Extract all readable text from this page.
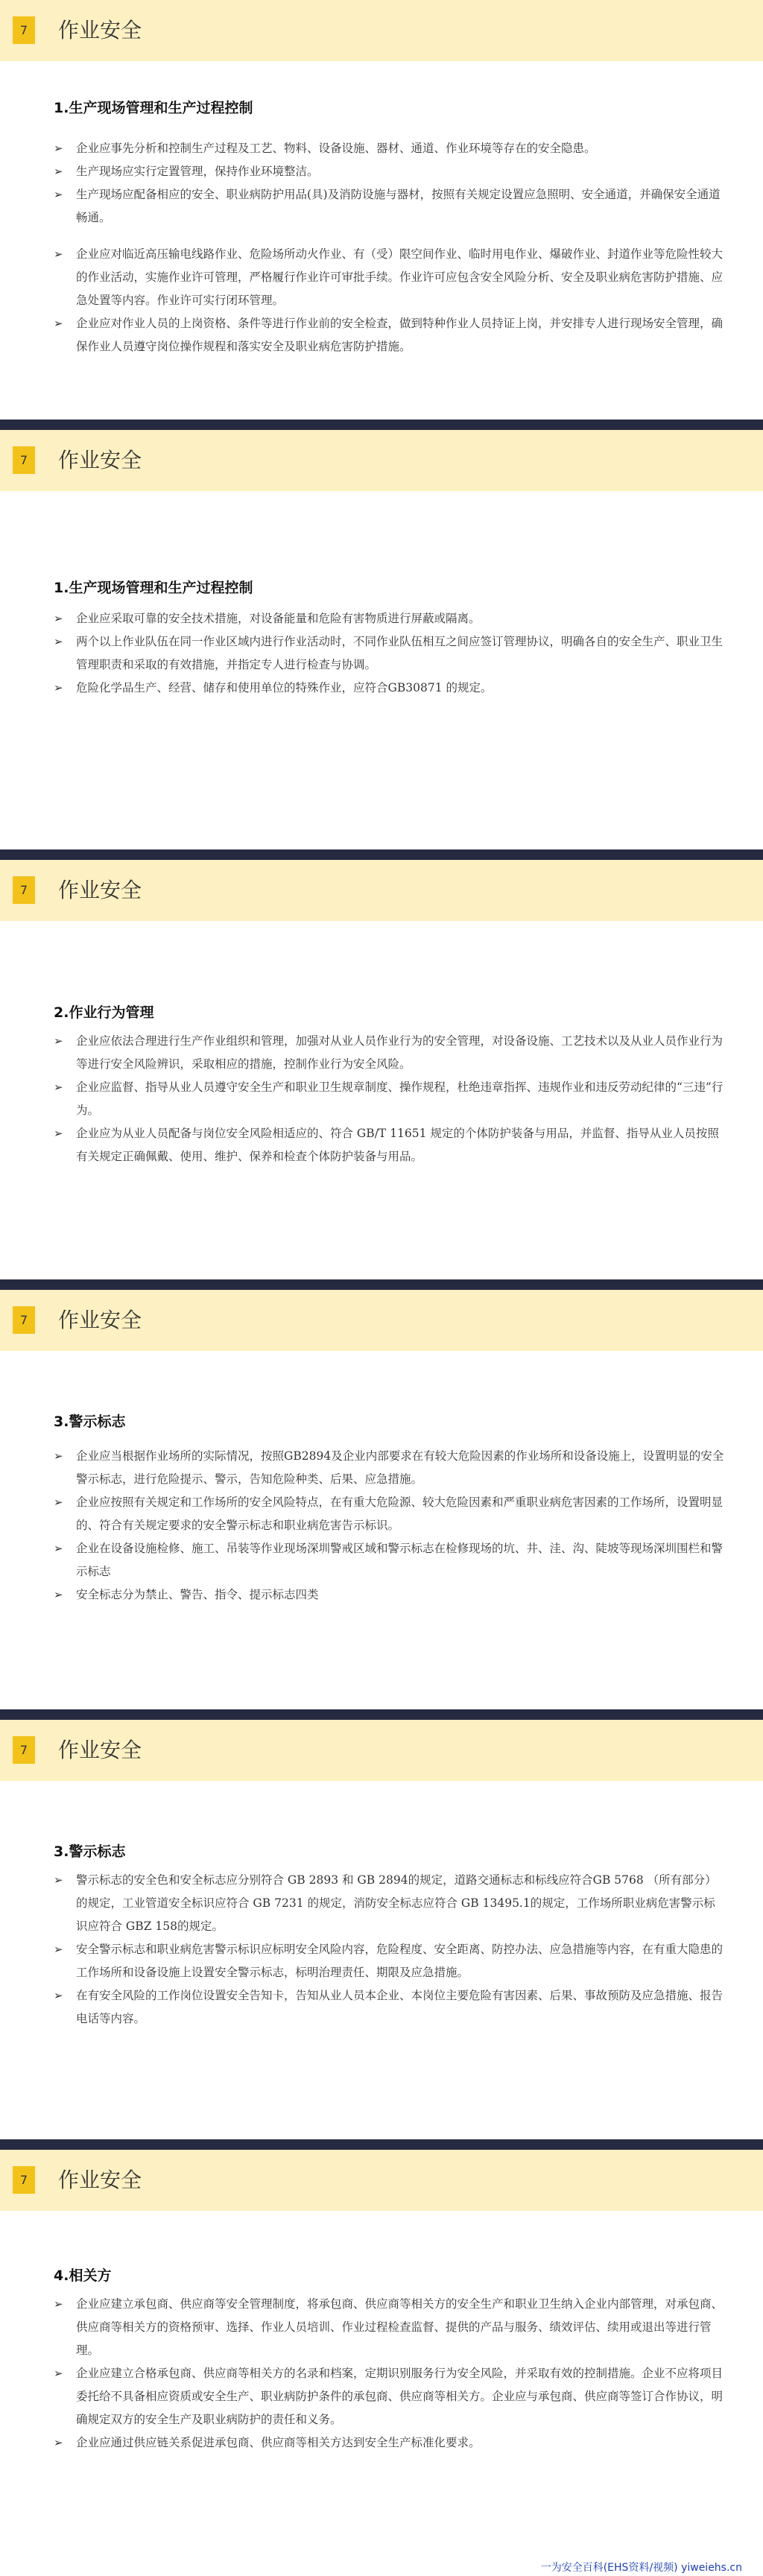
7	作业安全
1.生产现场管理和生产过程控制
➢ 企业应事先分析和控制生产过程及工艺、物料、设备设施、器材、通道、作业环境等存在的安全隐患。
➢ 生产现场应实行定置管理，保持作业环境整洁。
➢ 生产现场应配备相应的安全、职业病防护用品(具)及消防设施与器材，按照有关规定设置应急照明、安全通道，并确保安全通道畅通。
➢ 企业应对临近高压输电线路作业、危险场所动火作业、有（受）限空间作业、临时用电作业、爆破作业、封道作业等危险性较大的作业活动，实施作业许可管理，严格履行作业许可审批手续。作业许可应包含安全风险分析、安全及职业病危害防护措施、应急处置等内容。作业许可实行闭环管理。
➢ 企业应对作业人员的上岗资格、条件等进行作业前的安全检查，做到特种作业人员持证上岗，并安排专人进行现场安全管理，确保作业人员遵守岗位操作规程和落实安全及职业病危害防护措施。
7	作业安全
1.生产现场管理和生产过程控制
➢ 企业应采取可靠的安全技术措施，对设备能量和危险有害物质进行屏蔽或隔离。
➢ 两个以上作业队伍在同一作业区域内进行作业活动时，不同作业队伍相互之间应签订管理协议，明确各自的安全生产、职业卫生管理职责和采取的有效措施，并指定专人进行检查与协调。
➢ 危险化学品生产、经营、储存和使用单位的特殊作业，应符合GB30871 的规定。
7	作业安全
2.作业行为管理
➢ 企业应依法合理进行生产作业组织和管理，加强对从业人员作业行为的安全管理，对设备设施、工艺技术以及从业人员作业行为等进行安全风险辨识，采取相应的措施，控制作业行为安全风险。
➢ 企业应监督、指导从业人员遵守安全生产和职业卫生规章制度、操作规程，杜绝违章指挥、违规作业和违反劳动纪律的“三违”行为。
➢ 企业应为从业人员配备与岗位安全风险相适应的、符合 GB/T 11651 规定的个体防护装备与用品，并监督、指导从业人员按照有关规定正确佩戴、使用、维护、保养和检查个体防护装备与用品。
7	作业安全
3.警示标志
➢ 企业应当根据作业场所的实际情况，按照GB2894及企业内部要求在有较大危险因素的作业场所和设备设施上，设置明显的安全警示标志，进行危险提示、警示，告知危险种类、后果、应急措施。
➢ 企业应按照有关规定和工作场所的安全风险特点，在有重大危险源、较大危险因素和严重职业病危害因素的工作场所，设置明显的、符合有关规定要求的安全警示标志和职业病危害告示标识。
➢ 企业在设备设施检修、施工、吊装等作业现场深圳警戒区域和警示标志在检修现场的坑、井、洼、沟、陡坡等现场深圳围栏和警示标志
➢ 安全标志分为禁止、警告、指令、提示标志四类
7	作业安全
3.警示标志
➢ 警示标志的安全色和安全标志应分别符合 GB 2893 和 GB 2894的规定，道路交通标志和标线应符合GB 5768 （所有部分）的规定，工业管道安全标识应符合 GB 7231 的规定，消防安全标志应符合 GB 13495.1的规定，工作场所职业病危害警示标识应符合 GBZ 158的规定。
➢ 安全警示标志和职业病危害警示标识应标明安全风险内容，危险程度、安全距离、防控办法、应急措施等内容，在有重大隐患的工作场所和设备设施上设置安全警示标志，标明治理责任、期限及应急措施。
➢ 在有安全风险的工作岗位设置安全告知卡，告知从业人员本企业、本岗位主要危险有害因素、后果、事故预防及应急措施、报告电话等内容。
7	作业安全
4.相关方
➢ 企业应建立承包商、供应商等安全管理制度，将承包商、供应商等相关方的安全生产和职业卫生纳入企业内部管理，对承包商、供应商等相关方的资格预审、选择、作业人员培训、作业过程检查监督、提供的产品与服务、绩效评估、续用或退出等进行管理。
➢ 企业应建立合格承包商、供应商等相关方的名录和档案，定期识别服务行为安全风险，并采取有效的控制措施。企业不应将项目委托给不具备相应资质或安全生产、职业病防护条件的承包商、供应商等相关方。企业应与承包商、供应商等签订合作协议，明确规定双方的安全生产及职业病防护的责任和义务。
➢ 企业应通过供应链关系促进承包商、供应商等相关方达到安全生产标准化要求。
一为安全百科(EHS资料/视频) yiweiehs.cn
